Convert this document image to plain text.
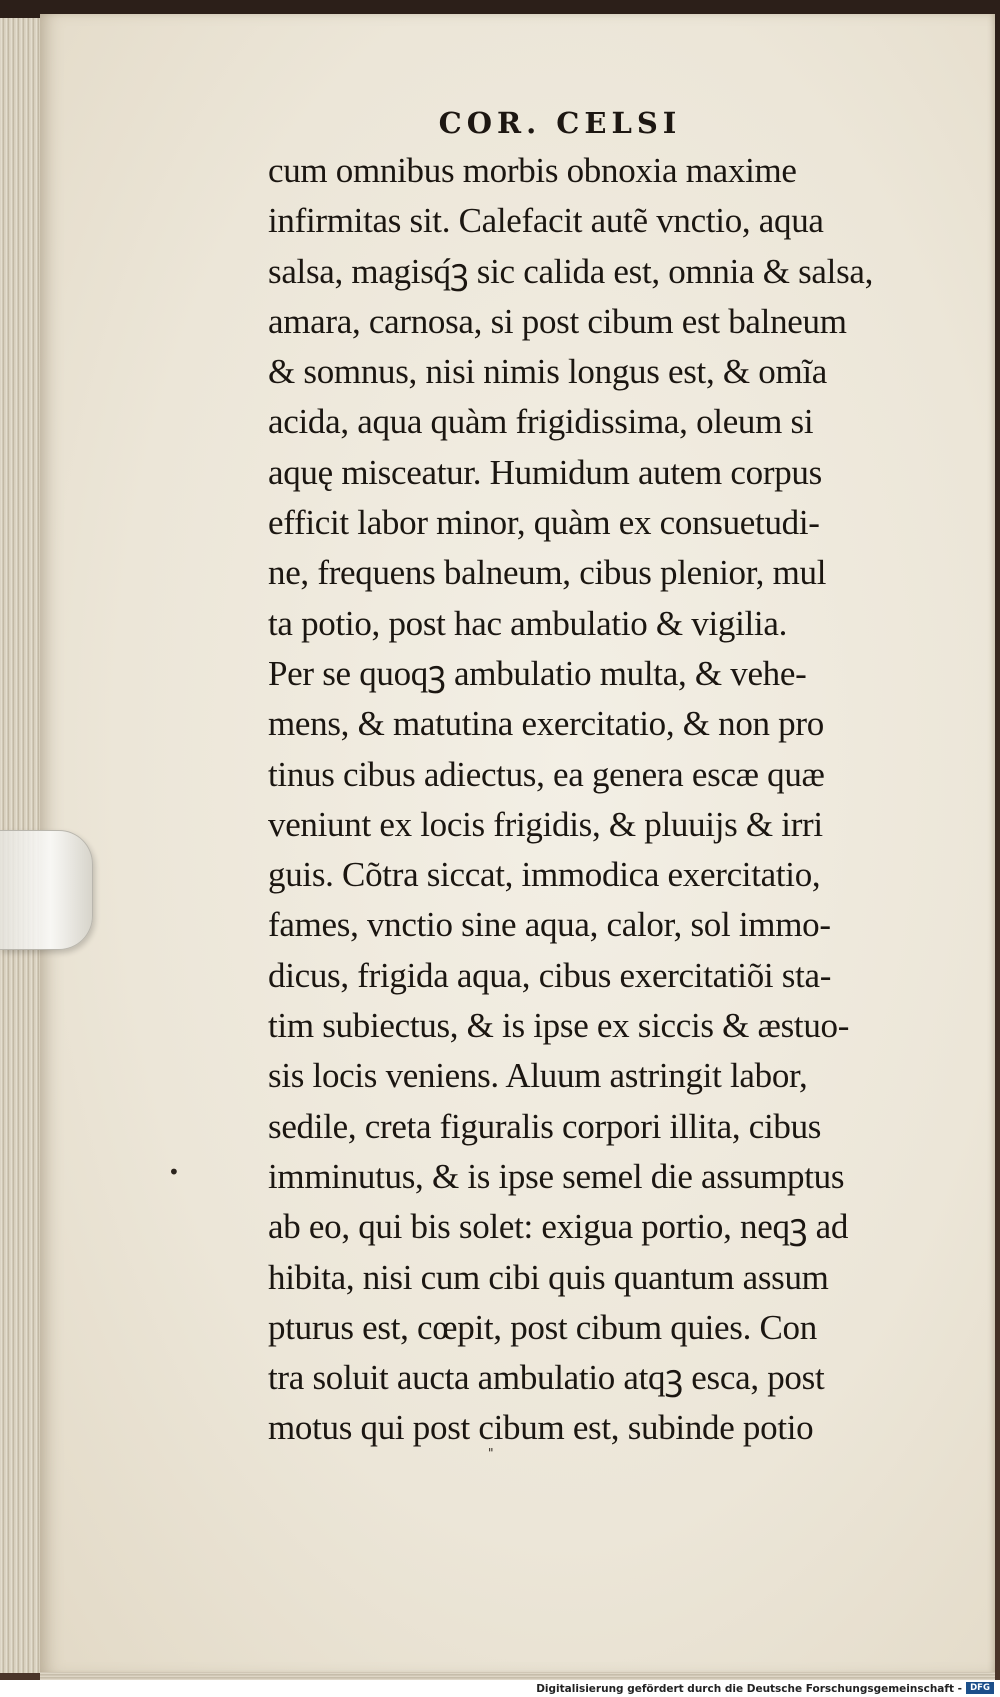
COR. CELSI
cum omnibus morbis obnoxia maxime
infirmitas sit. Calefacit autẽ vnctio, aqua
salsa, magisq́ꝫ sic calida est, omnia & salsa,
amara, carnosa, si post cibum est balneum
& somnus, nisi nimis longus est, & omĩa
acida, aqua quàm frigidissima, oleum si
aquę misceatur. Humidum autem corpus
efficit labor minor, quàm ex consuetudi-
ne, frequens balneum, cibus plenior, mul
ta potio, post hac ambulatio & vigilia.
Per se quoqꝫ ambulatio multa, & vehe-
mens, & matutina exercitatio, & non pro
tinus cibus adiectus, ea genera escæ quæ
veniunt ex locis frigidis, & pluuijs & irri
guis. Cõtra siccat, immodica exercitatio,
fames, vnctio sine aqua, calor, sol immo-
dicus, frigida aqua, cibus exercitatiõi sta-
tim subiectus, & is ipse ex siccis & æstuo-
sis locis veniens. Aluum astringit labor,
sedile, creta figuralis corpori illita, cibus
imminutus, & is ipse semel die assumptus
ab eo, qui bis solet: exigua portio, neqꝫ ad
hibita, nisi cum cibi quis quantum assum
pturus est, cœpit, post cibum quies. Con
tra soluit aucta ambulatio atqꝫ esca, post
motus qui post cibum est, subinde potio
•
"
Digitalisierung gefördert durch die Deutsche Forschungsgemeinschaft - DFG
